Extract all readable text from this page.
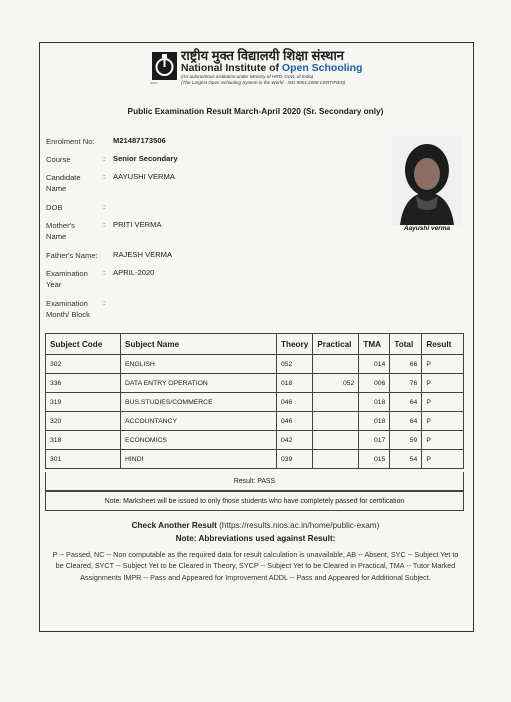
NIOS
राष्ट्रीय मुक्त विद्यालयी शिक्षा संस्थान
National Institute of Open Schooling
(An autonomous institution under Ministry of HRD, Govt. of India)
(The Largest Open Schooling System in the World - ISO 9001:2008 CERTIFIED)
Public Examination Result March-April 2020 (Sr. Secondary only)
Enrolment No: M21487173506
Course	: Senior Secondary
Candidate
Name
: AAYUSHI VERMA
DOB	:
Mother's
Name
: PRITI VERMA
Father's Name: RAJESH VERMA
Examination
Year
: APRIL-2020
Examination
Month/ Block
:
Aayushi verma
Subject Code	Subject Name	Theory	Practical	TMA	Total	Result
302	ENGLISH	052		014	66	P
336	DATA ENTRY OPERATION	018	052	006	76	P
319	BUS.STUDIES/COMMERCE	046		018	64	P
320	ACCOUNTANCY	046		018	64	P
318	ECONOMICS	042		017	59	P
301	HINDI	039		015	54	P
Result: PASS
Note: Marksheet will be issued to only those students who have completely passed for certification
Check Another Result (https://results.nios.ac.in/home/public-exam)
Note: Abbreviations used against Result:
P -- Passed, NC -- Non computable as the required data for result calculation is unavailable, AB -- Absent, SYC -- Subject Yet to be Cleared, SYCT -- Subject Yet to be Cleared in Theory, SYCP -- Subject Yet to be Cleared in Practical, TMA -- Tutor Marked Assignments IMPR -- Pass and Appeared for Improvement ADDL -- Pass and Appeared for Additional Subject.
